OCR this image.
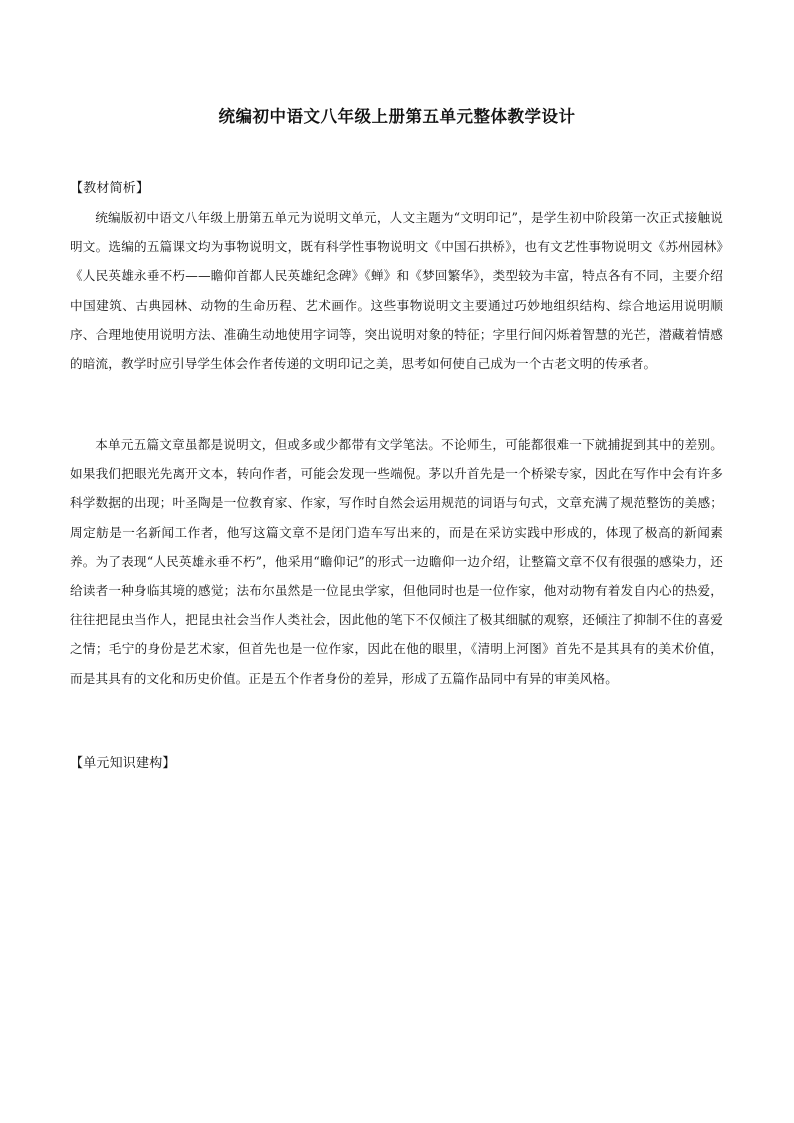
统编初中语文八年级上册第五单元整体教学设计

【教材简析】

统编版初中语文八年级上册第五单元为说明文单元，人文主题为“文明印记”，是学生初中阶段第一次正式接触说明文。选编的五篇课文均为事物说明文，既有科学性事物说明文《中国石拱桥》，也有文艺性事物说明文《苏州园林》《人民英雄永垂不朽——瞻仰首都人民英雄纪念碑》《蝉》和《梦回繁华》，类型较为丰富，特点各有不同，主要介绍中国建筑、古典园林、动物的生命历程、艺术画作。这些事物说明文主要通过巧妙地组织结构、综合地运用说明顺序、合理地使用说明方法、准确生动地使用字词等，突出说明对象的特征；字里行间闪烁着智慧的光芒，潜藏着情感的暗流，教学时应引导学生体会作者传递的文明印记之美，思考如何使自己成为一个古老文明的传承者。

本单元五篇文章虽都是说明文，但或多或少都带有文学笔法。不论师生，可能都很难一下就捕捉到其中的差别。如果我们把眼光先离开文本，转向作者，可能会发现一些端倪。茅以升首先是一个桥梁专家，因此在写作中会有许多科学数据的出现；叶圣陶是一位教育家、作家，写作时自然会运用规范的词语与句式，文章充满了规范整饬的美感；周定舫是一名新闻工作者，他写这篇文章不是闭门造车写出来的，而是在采访实践中形成的，体现了极高的新闻素养。为了表现“人民英雄永垂不朽”，他采用“瞻仰记”的形式一边瞻仰一边介绍，让整篇文章不仅有很强的感染力，还给读者一种身临其境的感觉；法布尔虽然是一位昆虫学家，但他同时也是一位作家，他对动物有着发自内心的热爱，往往把昆虫当作人，把昆虫社会当作人类社会，因此他的笔下不仅倾注了极其细腻的观察，还倾注了抑制不住的喜爱之情；毛宁的身份是艺术家，但首先也是一位作家，因此在他的眼里，《清明上河图》首先不是其具有的美术价值，而是其具有的文化和历史价值。正是五个作者身份的差异，形成了五篇作品同中有异的审美风格。

【单元知识建构】
